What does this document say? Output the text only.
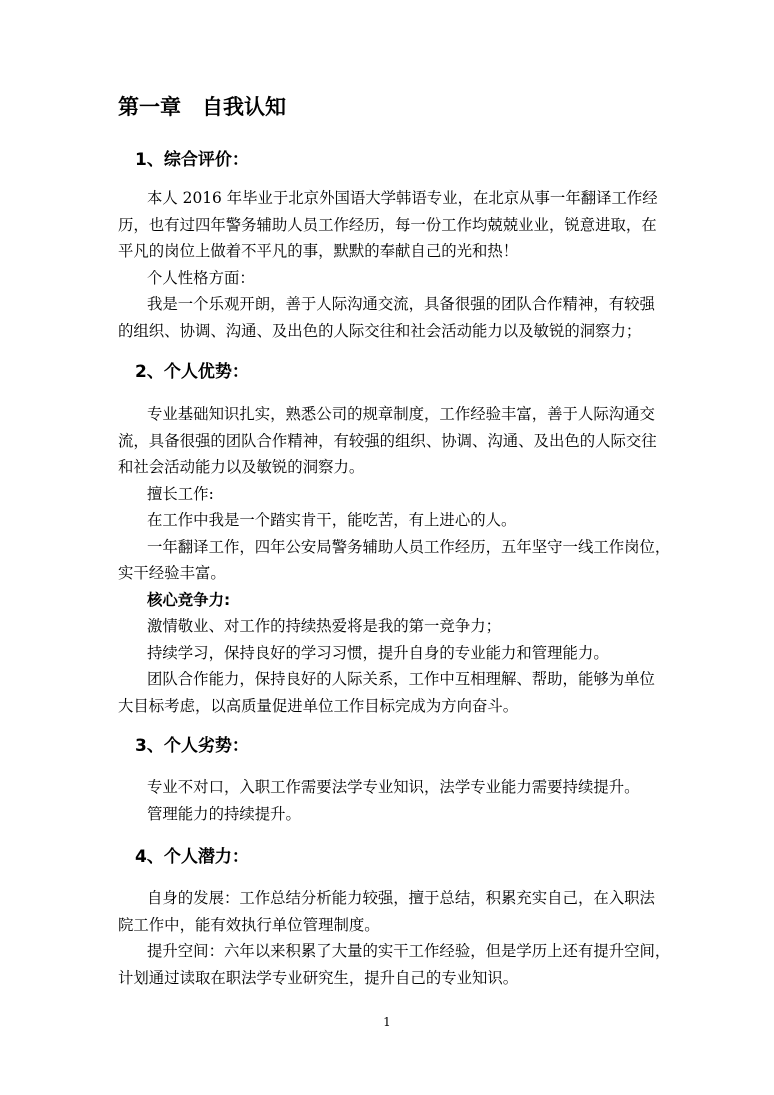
第一章　自我认知
1、综合评价：
本人 2016 年毕业于北京外国语大学韩语专业，在北京从事一年翻译工作经
历，也有过四年警务辅助人员工作经历，每一份工作均兢兢业业，锐意进取，在
平凡的岗位上做着不平凡的事，默默的奉献自己的光和热！
个人性格方面：
我是一个乐观开朗，善于人际沟通交流，具备很强的团队合作精神，有较强
的组织、协调、沟通、及出色的人际交往和社会活动能力以及敏锐的洞察力；
2、个人优势：
专业基础知识扎实，熟悉公司的规章制度，工作经验丰富，善于人际沟通交
流，具备很强的团队合作精神，有较强的组织、协调、沟通、及出色的人际交往
和社会活动能力以及敏锐的洞察力。
擅长工作:
在工作中我是一个踏实肯干，能吃苦，有上进心的人。
一年翻译工作，四年公安局警务辅助人员工作经历，五年坚守一线工作岗位，
实干经验丰富。
核心竞争力:
激情敬业、对工作的持续热爱将是我的第一竞争力；
持续学习，保持良好的学习习惯，提升自身的专业能力和管理能力。
团队合作能力，保持良好的人际关系，工作中互相理解、帮助，能够为单位
大目标考虑，以高质量促进单位工作目标完成为方向奋斗。
3、个人劣势：
专业不对口，入职工作需要法学专业知识，法学专业能力需要持续提升。
管理能力的持续提升。
4、个人潜力：
自身的发展：工作总结分析能力较强，擅于总结，积累充实自己，在入职法
院工作中，能有效执行单位管理制度。
提升空间：六年以来积累了大量的实干工作经验，但是学历上还有提升空间，
计划通过读取在职法学专业研究生，提升自己的专业知识。
1
